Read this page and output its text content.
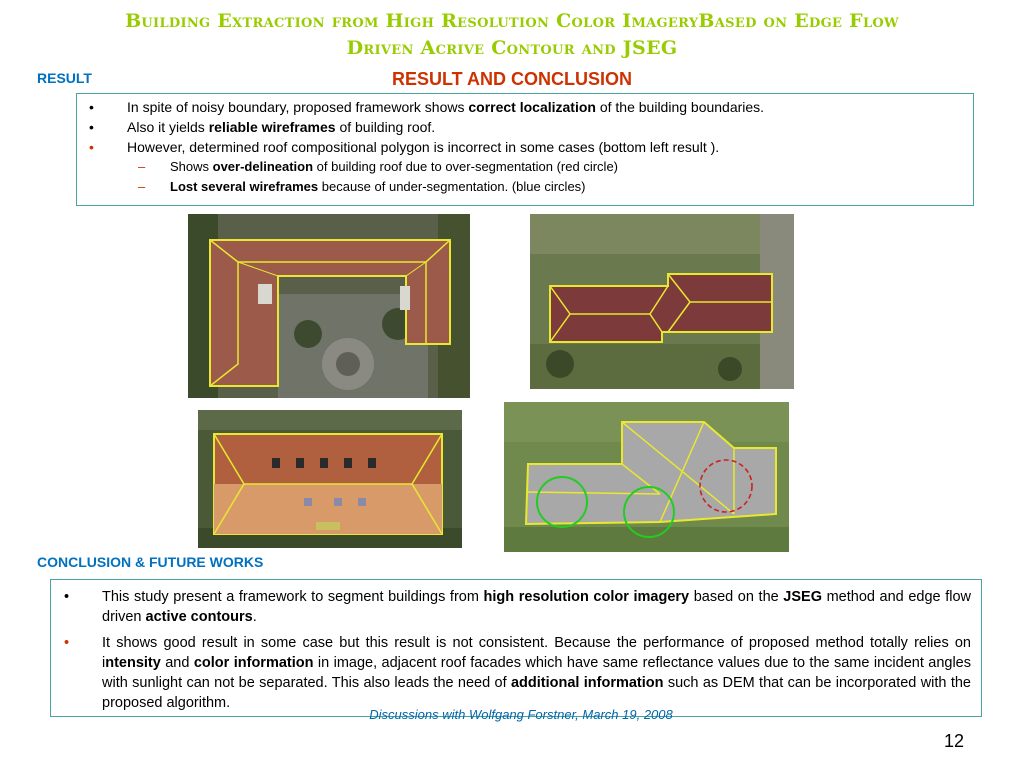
Building Extraction from High Resolution Color ImageryBased on Edge Flow
Driven Acrive Contour and JSEG
RESULT	RESULT AND CONCLUSION
•	In spite of noisy boundary, proposed framework shows correct localization of the building boundaries.
•	Also it yields reliable wireframes of building roof.
•	However, determined roof compositional polygon is incorrect in some cases (bottom left result ).
–	Shows over-delineation of building roof due to over-segmentation (red circle)
–	Lost several wireframes because of under-segmentation. (blue circles)
CONCLUSION & FUTURE WORKS
•	This study present a framework to segment buildings from high resolution color imagery based on the JSEG method and edge flow driven active contours.
•	It shows good result in some case but this result is not consistent. Because the performance of proposed method totally relies on intensity and color information in image, adjacent roof facades which have same reflectance values due to the same incident angles with sunlight can not be separated. This also leads the need of additional information such as DEM that can be incorporated with the proposed algorithm.
Discussions with Wolfgang Forstner, March 19, 2008
12
